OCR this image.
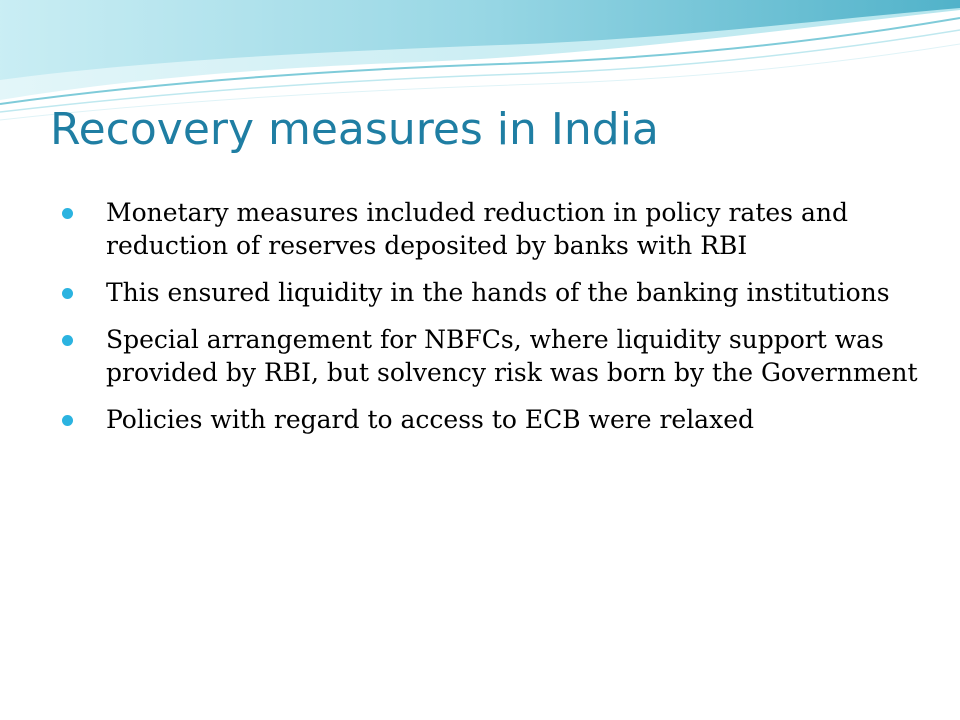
Recovery measures in India
Monetary measures included reduction in policy rates and reduction of reserves deposited by banks with RBI
This ensured liquidity in the hands of the banking institutions
Special arrangement for NBFCs, where liquidity support was provided by RBI, but solvency risk was born by the Government
Policies with regard to access to ECB were relaxed
